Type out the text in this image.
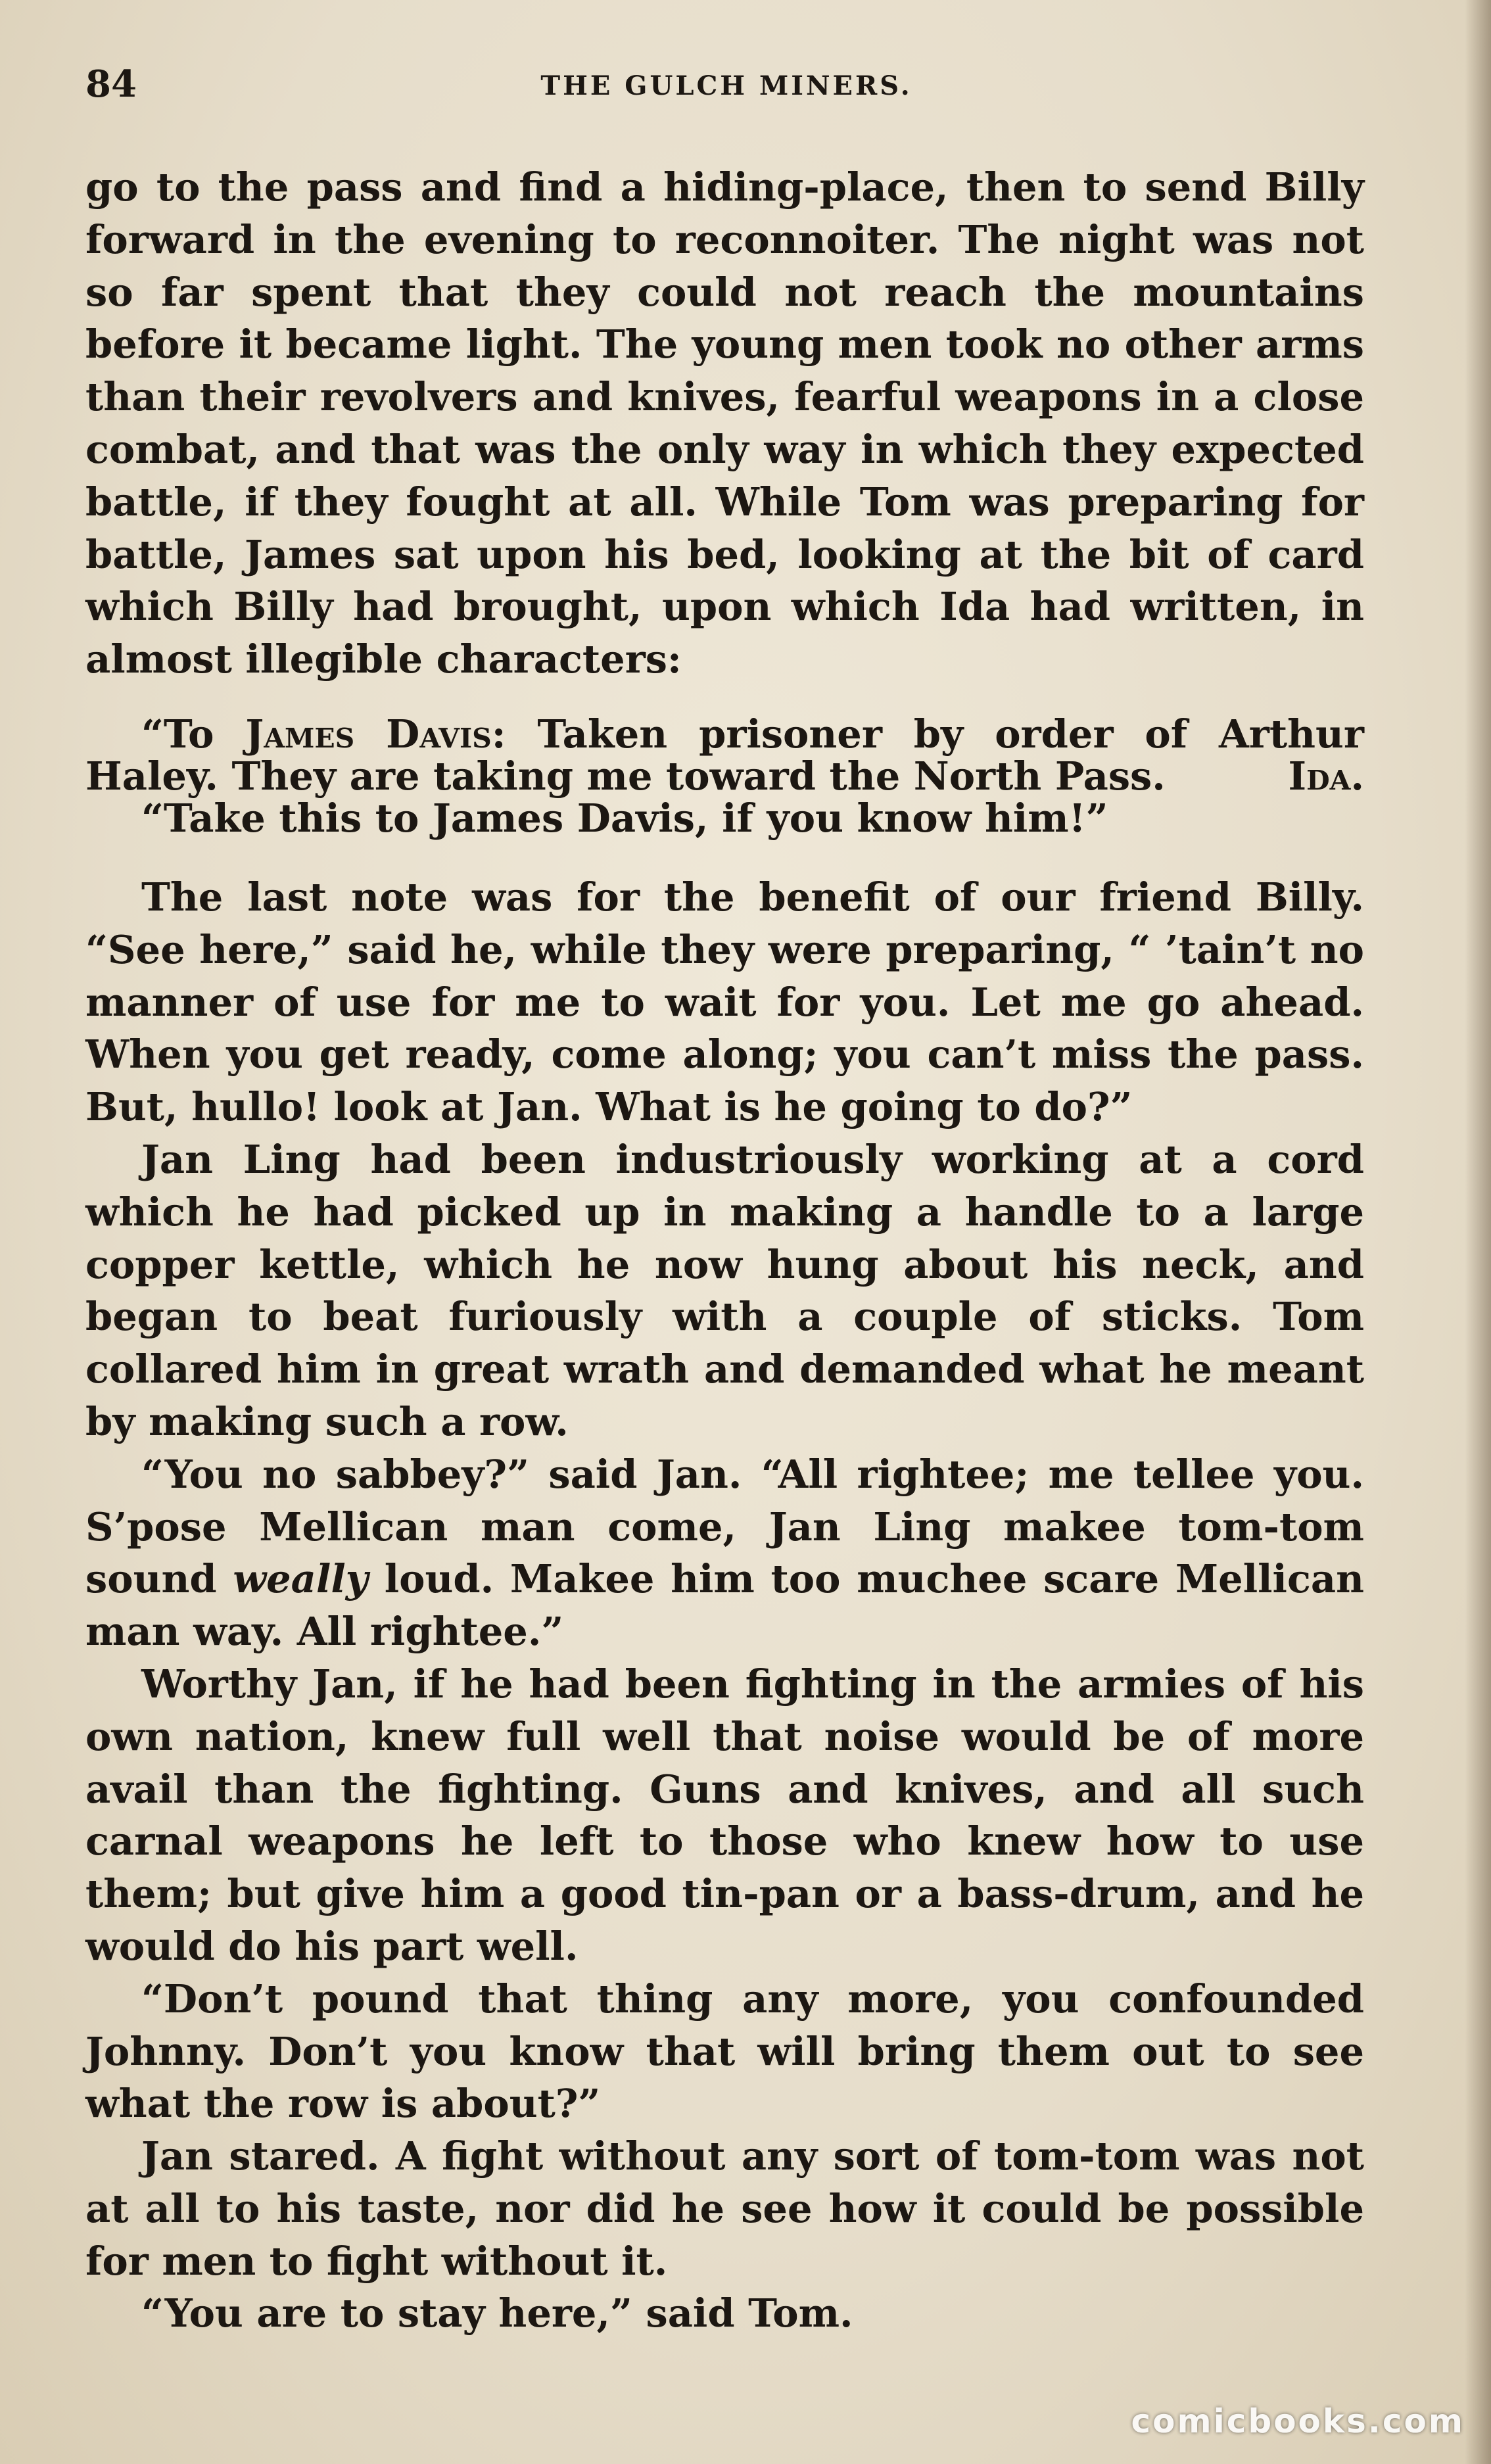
84	THE GULCH MINERS.

go to the pass and find a hiding-place, then to send Billy forward in the evening to reconnoiter. The night was not so far spent that they could not reach the mountains before it became light. The young men took no other arms than their revolvers and knives, fearful weapons in a close combat, and that was the only way in which they expected battle, if they fought at all. While Tom was preparing for battle, James sat upon his bed, looking at the bit of card which Billy had brought, upon which Ida had written, in almost illegible characters:

“To James Davis: Taken prisoner by order of Arthur Haley. They are taking me toward the North Pass.	Ida.

“Take this to James Davis, if you know him!”

The last note was for the benefit of our friend Billy. “See here,” said he, while they were preparing, “ ’tain’t no manner of use for me to wait for you. Let me go ahead. When you get ready, come along; you can’t miss the pass. But, hullo! look at Jan. What is he going to do?”

Jan Ling had been industriously working at a cord which he had picked up in making a handle to a large copper kettle, which he now hung about his neck, and began to beat furiously with a couple of sticks. Tom collared him in great wrath and demanded what he meant by making such a row.

“You no sabbey?” said Jan. “All rightee; me tellee you. S’pose Mellican man come, Jan Ling makee tom-tom sound weally loud. Makee him too muchee scare Mellican man way. All rightee.”

Worthy Jan, if he had been fighting in the armies of his own nation, knew full well that noise would be of more avail than the fighting. Guns and knives, and all such carnal weapons he left to those who knew how to use them; but give him a good tin-pan or a bass-drum, and he would do his part well.

“Don’t pound that thing any more, you confounded Johnny. Don’t you know that will bring them out to see what the row is about?”

Jan stared. A fight without any sort of tom-tom was not at all to his taste, nor did he see how it could be possible for men to fight without it.

“You are to stay here,” said Tom.

comicbooks.com
